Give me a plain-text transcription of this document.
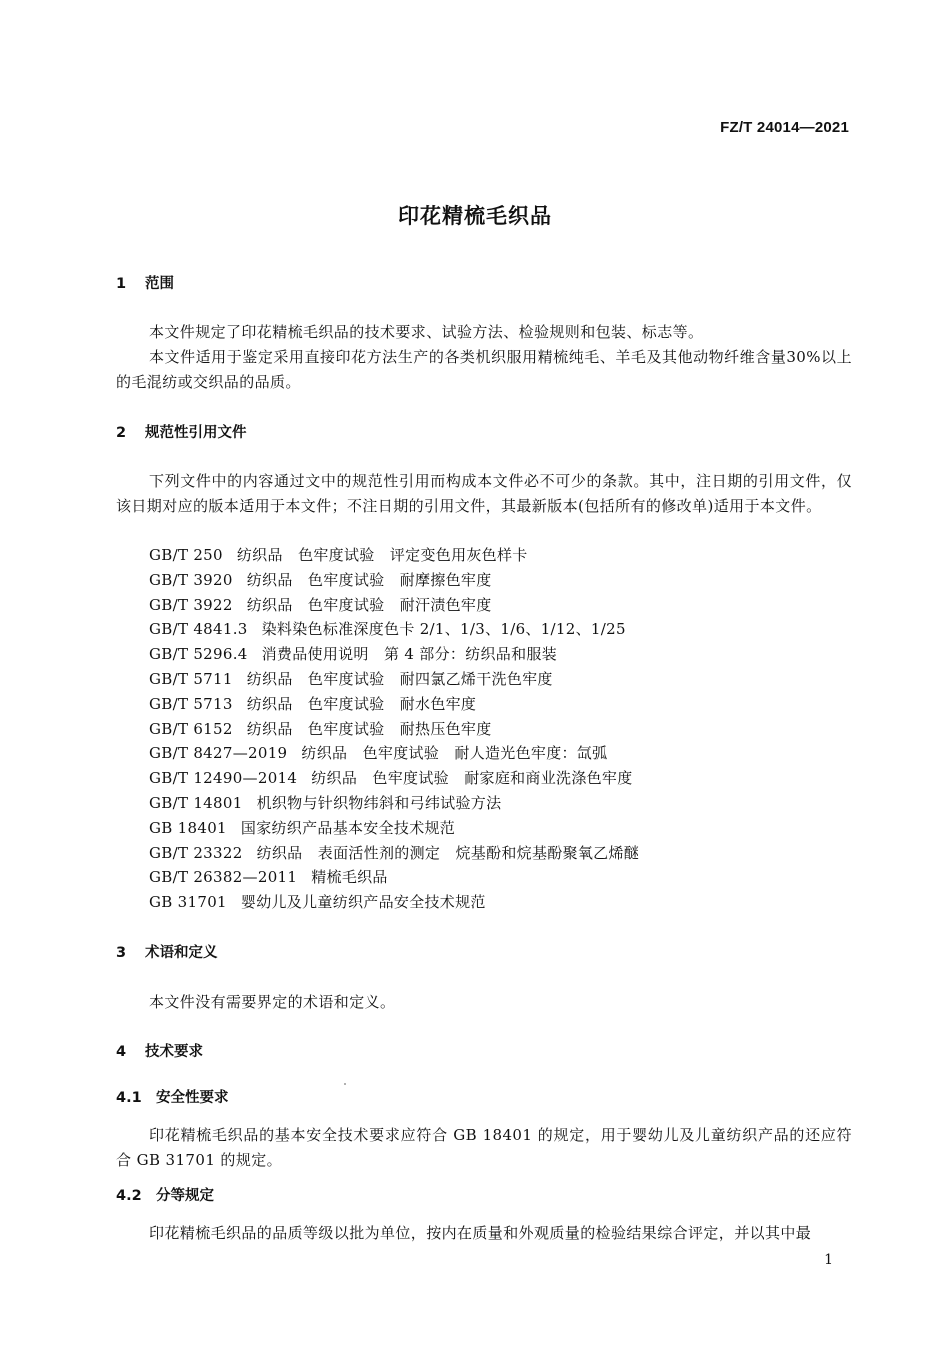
FZ/T 24014—2021
印花精梳毛织品
1 范围

本文件规定了印花精梳毛织品的技术要求、试验方法、检验规则和包装、标志等。

本文件适用于鉴定采用直接印花方法生产的各类机织服用精梳纯毛、羊毛及其他动物纤维含量30%以上的毛混纺或交织品的品质。

2 规范性引用文件

下列文件中的内容通过文中的规范性引用而构成本文件必不可少的条款。其中，注日期的引用文件，仅该日期对应的版本适用于本文件；不注日期的引用文件，其最新版本(包括所有的修改单)适用于本文件。

GB/T 250 纺织品　色牢度试验　评定变色用灰色样卡
GB/T 3920 纺织品　色牢度试验　耐摩擦色牢度
GB/T 3922 纺织品　色牢度试验　耐汗渍色牢度
GB/T 4841.3 染料染色标准深度色卡 2/1、1/3、1/6、1/12、1/25
GB/T 5296.4 消费品使用说明　第 4 部分：纺织品和服装
GB/T 5711 纺织品　色牢度试验　耐四氯乙烯干洗色牢度
GB/T 5713 纺织品　色牢度试验　耐水色牢度
GB/T 6152 纺织品　色牢度试验　耐热压色牢度
GB/T 8427—2019 纺织品　色牢度试验　耐人造光色牢度：氙弧
GB/T 12490—2014 纺织品　色牢度试验　耐家庭和商业洗涤色牢度
GB/T 14801 机织物与针织物纬斜和弓纬试验方法
GB 18401 国家纺织产品基本安全技术规范
GB/T 23322 纺织品　表面活性剂的测定　烷基酚和烷基酚聚氧乙烯醚
GB/T 26382—2011 精梳毛织品
GB 31701 婴幼儿及儿童纺织产品安全技术规范
3 术语和定义

本文件没有需要界定的术语和定义。

4 技术要求
4.1 安全性要求

印花精梳毛织品的基本安全技术要求应符合 GB 18401 的规定，用于婴幼儿及儿童纺织产品的还应符合 GB 31701 的规定。

4.2 分等规定

印花精梳毛织品的品质等级以批为单位，按内在质量和外观质量的检验结果综合评定，并以其中最

1
